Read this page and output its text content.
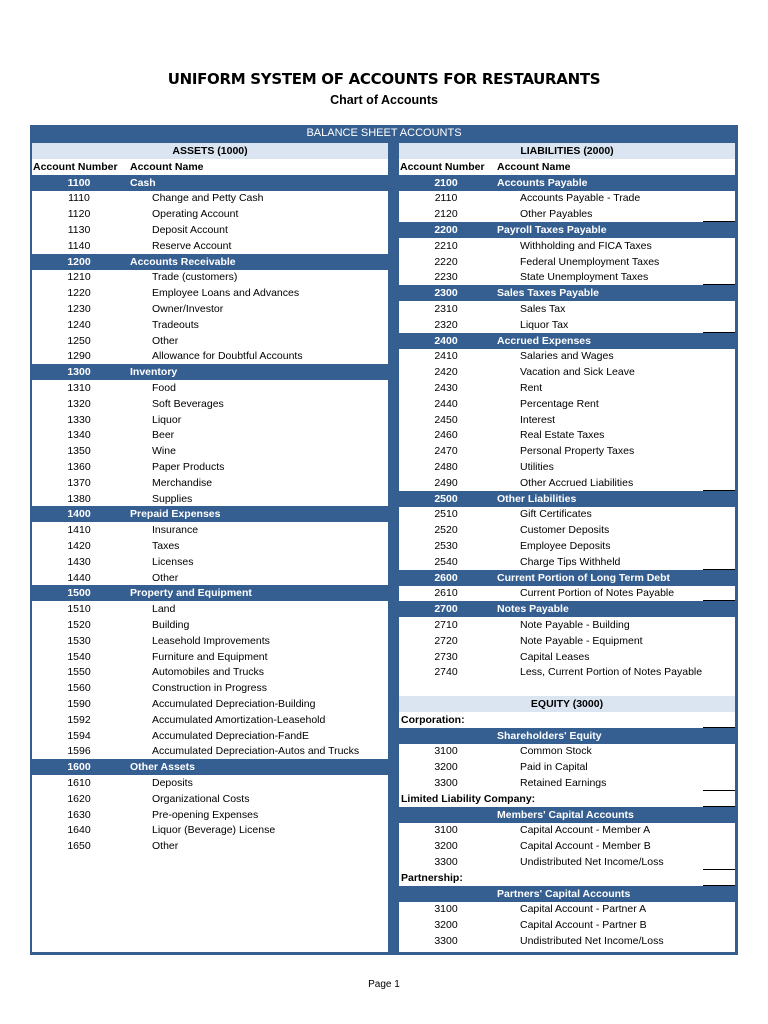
UNIFORM SYSTEM OF ACCOUNTS FOR RESTAURANTS
Chart of Accounts
BALANCE SHEET ACCOUNTS
ASSETS (1000)
Account Number Account Name
1100	Cash
1110	Change and Petty Cash
1120	Operating Account
1130	Deposit Account
1140	Reserve Account
1200	Accounts Receivable
1210	Trade (customers)
1220	Employee Loans and Advances
1230	Owner/Investor
1240	Tradeouts
1250	Other
1290	Allowance for Doubtful Accounts
1300	Inventory
1310	Food
1320	Soft Beverages
1330	Liquor
1340	Beer
1350	Wine
1360	Paper Products
1370	Merchandise
1380	Supplies
1400	Prepaid Expenses
1410	Insurance
1420	Taxes
1430	Licenses
1440	Other
1500	Property and Equipment
1510	Land
1520	Building
1530	Leasehold Improvements
1540	Furniture and Equipment
1550	Automobiles and Trucks
1560	Construction in Progress
1590	Accumulated Depreciation-Building
1592	Accumulated Amortization-Leasehold
1594	Accumulated Depreciation-FandE
1596	Accumulated Depreciation-Autos and Trucks
1600	Other Assets
1610	Deposits
1620	Organizational Costs
1630	Pre-opening Expenses
1640	Liquor (Beverage) License
1650	Other
LIABILITIES (2000)
Account Number Account Name
2100	Accounts Payable
2110	Accounts Payable - Trade
2120	Other Payables
2200	Payroll Taxes Payable
2210	Withholding and FICA Taxes
2220	Federal Unemployment Taxes
2230	State Unemployment Taxes
2300	Sales Taxes Payable
2310	Sales Tax
2320	Liquor Tax
2400	Accrued Expenses
2410	Salaries and Wages
2420	Vacation and Sick Leave
2430	Rent
2440	Percentage Rent
2450	Interest
2460	Real Estate Taxes
2470	Personal Property Taxes
2480	Utilities
2490	Other Accrued Liabilities
2500	Other Liabilities
2510	Gift Certificates
2520	Customer Deposits
2530	Employee Deposits
2540	Charge Tips Withheld
2600	Current Portion of Long Term Debt
2610	Current Portion of Notes Payable
2700	Notes Payable
2710	Note Payable - Building
2720	Note Payable - Equipment
2730	Capital Leases
2740	Less, Current Portion of Notes Payable
EQUITY (3000)
Corporation:
Shareholders' Equity
3100	Common Stock
3200	Paid in Capital
3300	Retained Earnings
Limited Liability Company:
Members' Capital Accounts
3100	Capital Account - Member A
3200	Capital Account - Member B
3300	Undistributed Net Income/Loss
Partnership:
Partners' Capital Accounts
3100	Capital Account - Partner A
3200	Capital Account - Partner B
3300	Undistributed Net Income/Loss
Page 1
